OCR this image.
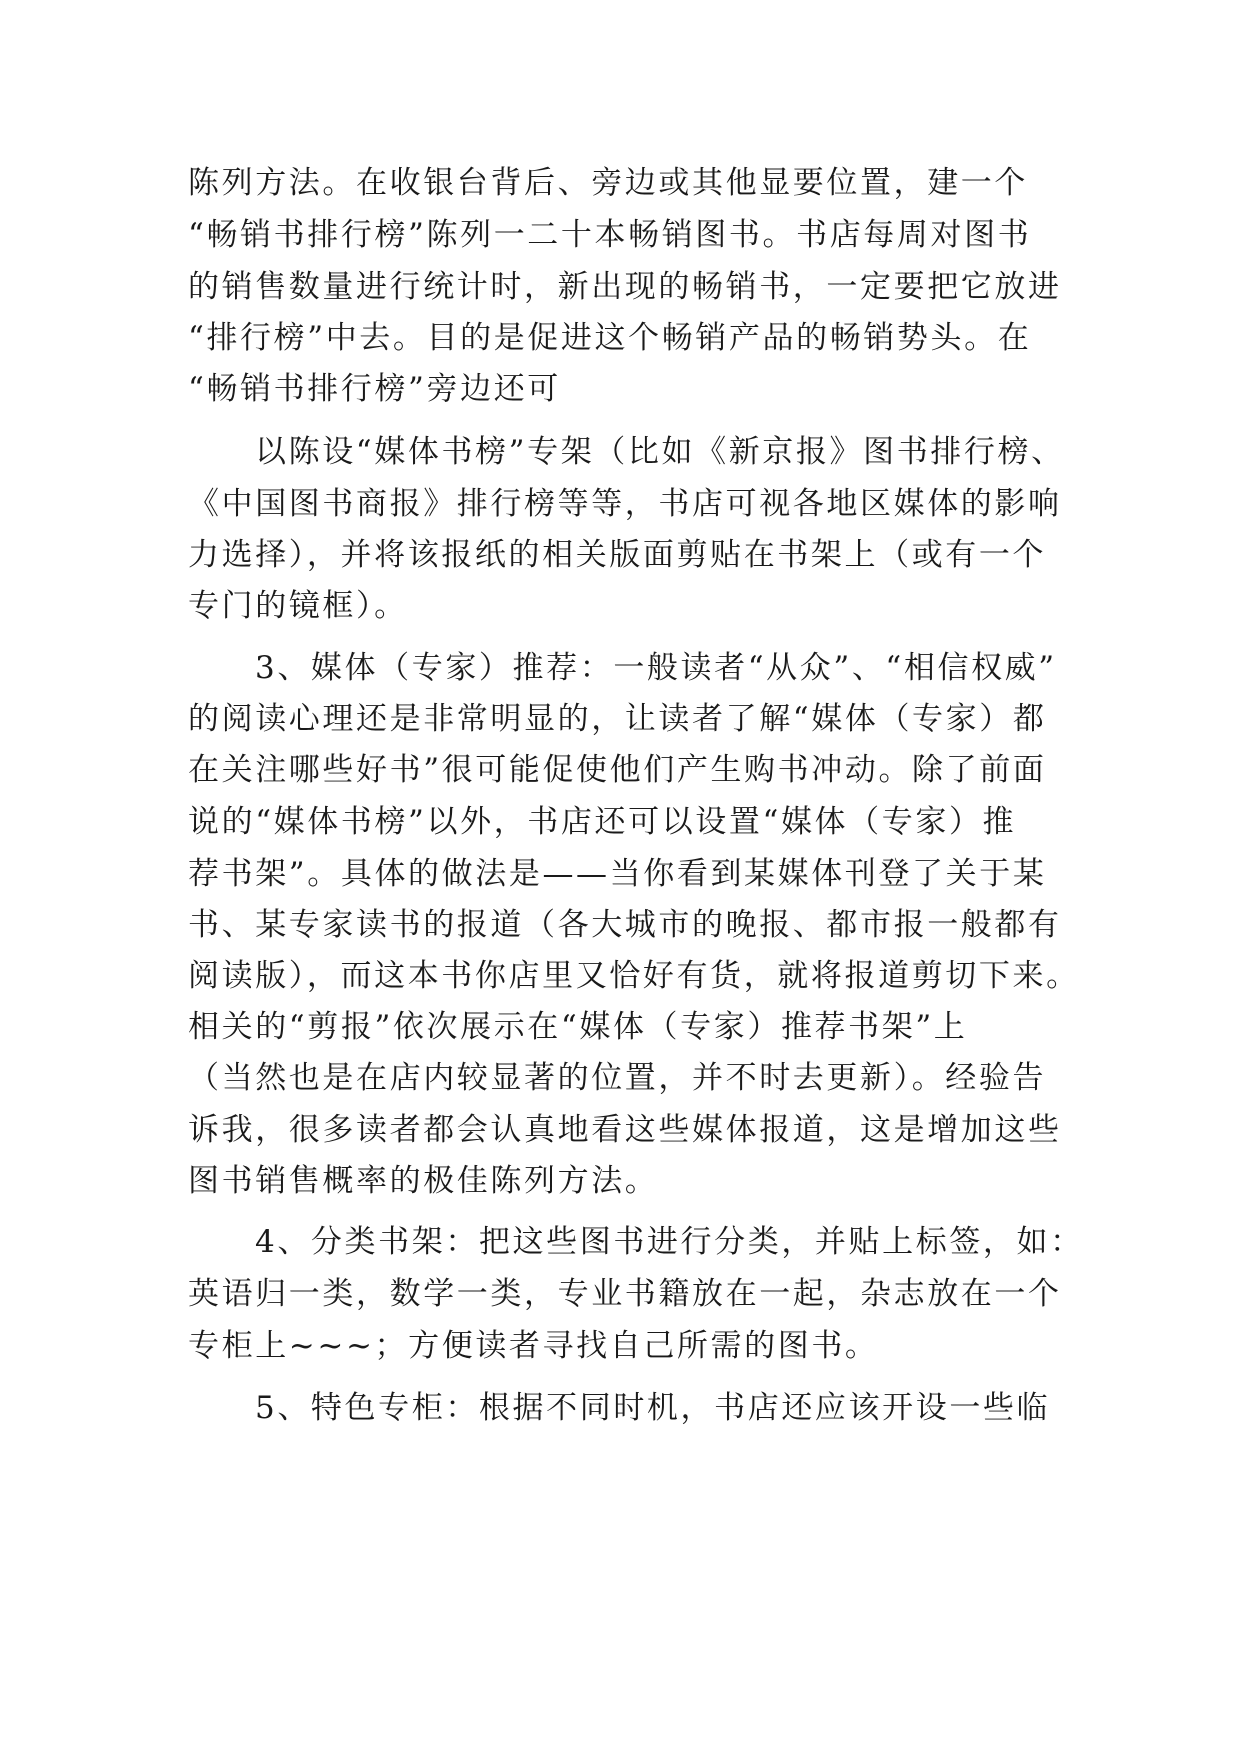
陈列方法。在收银台背后、旁边或其他显要位置，建一个
“畅销书排行榜”陈列一二十本畅销图书。书店每周对图书
的销售数量进行统计时，新出现的畅销书，一定要把它放进
“排行榜”中去。目的是促进这个畅销产品的畅销势头。在
“畅销书排行榜”旁边还可
以陈设“媒体书榜”专架（比如《新京报》图书排行榜、
《中国图书商报》排行榜等等，书店可视各地区媒体的影响
力选择），并将该报纸的相关版面剪贴在书架上（或有一个
专门的镜框）。
3、媒体（专家）推荐：一般读者“从众”、“相信权威”
的阅读心理还是非常明显的，让读者了解“媒体（专家）都
在关注哪些好书”很可能促使他们产生购书冲动。除了前面
说的“媒体书榜”以外，书店还可以设置“媒体（专家）推
荐书架”。具体的做法是——当你看到某媒体刊登了关于某
书、某专家读书的报道（各大城市的晚报、都市报一般都有
阅读版），而这本书你店里又恰好有货，就将报道剪切下来。
相关的“剪报”依次展示在“媒体（专家）推荐书架”上
（当然也是在店内较显著的位置，并不时去更新）。经验告
诉我，很多读者都会认真地看这些媒体报道，这是增加这些
图书销售概率的极佳陈列方法。
4、分类书架：把这些图书进行分类，并贴上标签，如：
英语归一类，数学一类，专业书籍放在一起，杂志放在一个
专柜上~~~；方便读者寻找自己所需的图书。
5、特色专柜：根据不同时机，书店还应该开设一些临
